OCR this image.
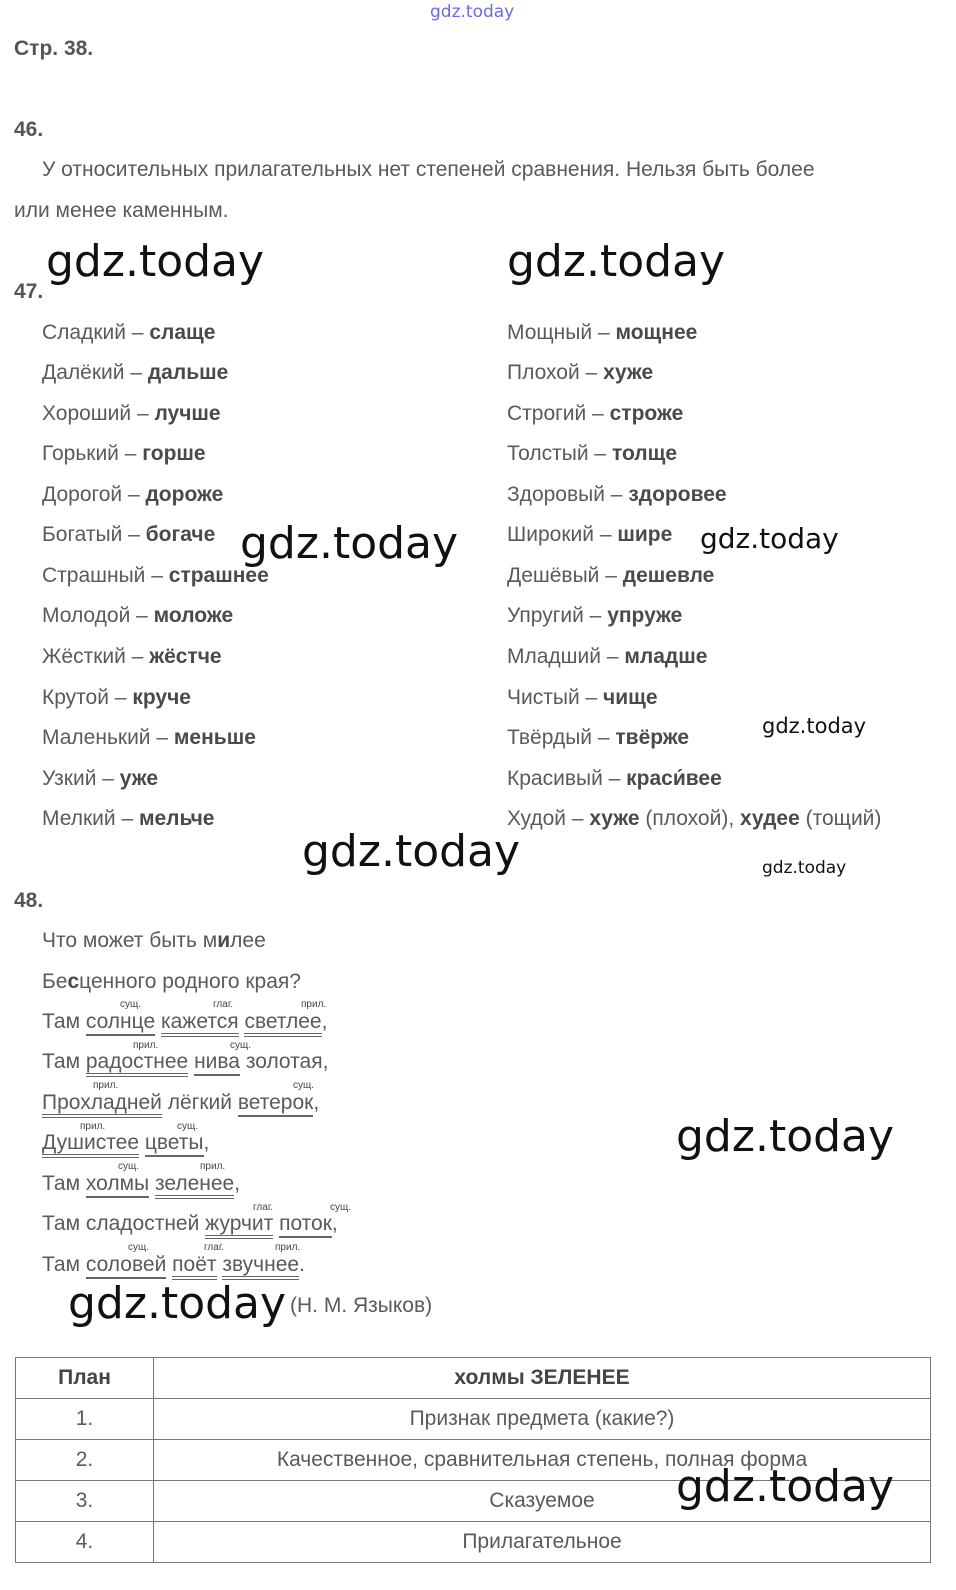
gdz.today
Стр. 38.
46.
У относительных прилагательных нет степеней сравнения. Нельзя быть более
или менее каменным.
gdz.today	gdz.today
47.
Сладкий – слаще
Далёкий – дальше
Хороший – лучше
Горький – горше
Дорогой – дороже
Богатый – богаче
Страшный – страшнее
Молодой – моложе
Жёсткий – жёстче
Крутой – круче
Маленький – меньше
Узкий – уже
Мелкий – мельче
Мощный – мощнее
Плохой – хуже
Строгий – строже
Толстый – толще
Здоровый – здоровее
Широкий – шире
Дешёвый – дешевле
Упругий – упруже
Младший – младше
Чистый – чище
Твёрдый – твёрже
Красивый – краси́вее
Худой – хуже (плохой), худее (тощий)
gdz.today	gdz.today
gdz.today
gdz.today	gdz.today
48.
Что может быть милее
Бесценного родного края?
Там солнце кажется светлее,
сущ.	глаг.	прил.
Там радостнее нива золотая,
прил.	сущ.
Прохладней лёгкий ветерок,
прил.	сущ.
Душистее цветы,
прил.	сущ.
Там холмы зеленее,
сущ.	прил.
Там сладостней журчит поток,
глаг.	сущ.
Там соловей поёт звучнее.
сущ.	глаг.	прил.
gdz.today
gdz.today (Н. М. Языков)
План	холмы ЗЕЛЕНЕЕ
1.	Признак предмета (какие?)
2.	Качественное, сравнительная степень, полная форма
3.	Сказуемое
4.	Прилагательное
gdz.today
